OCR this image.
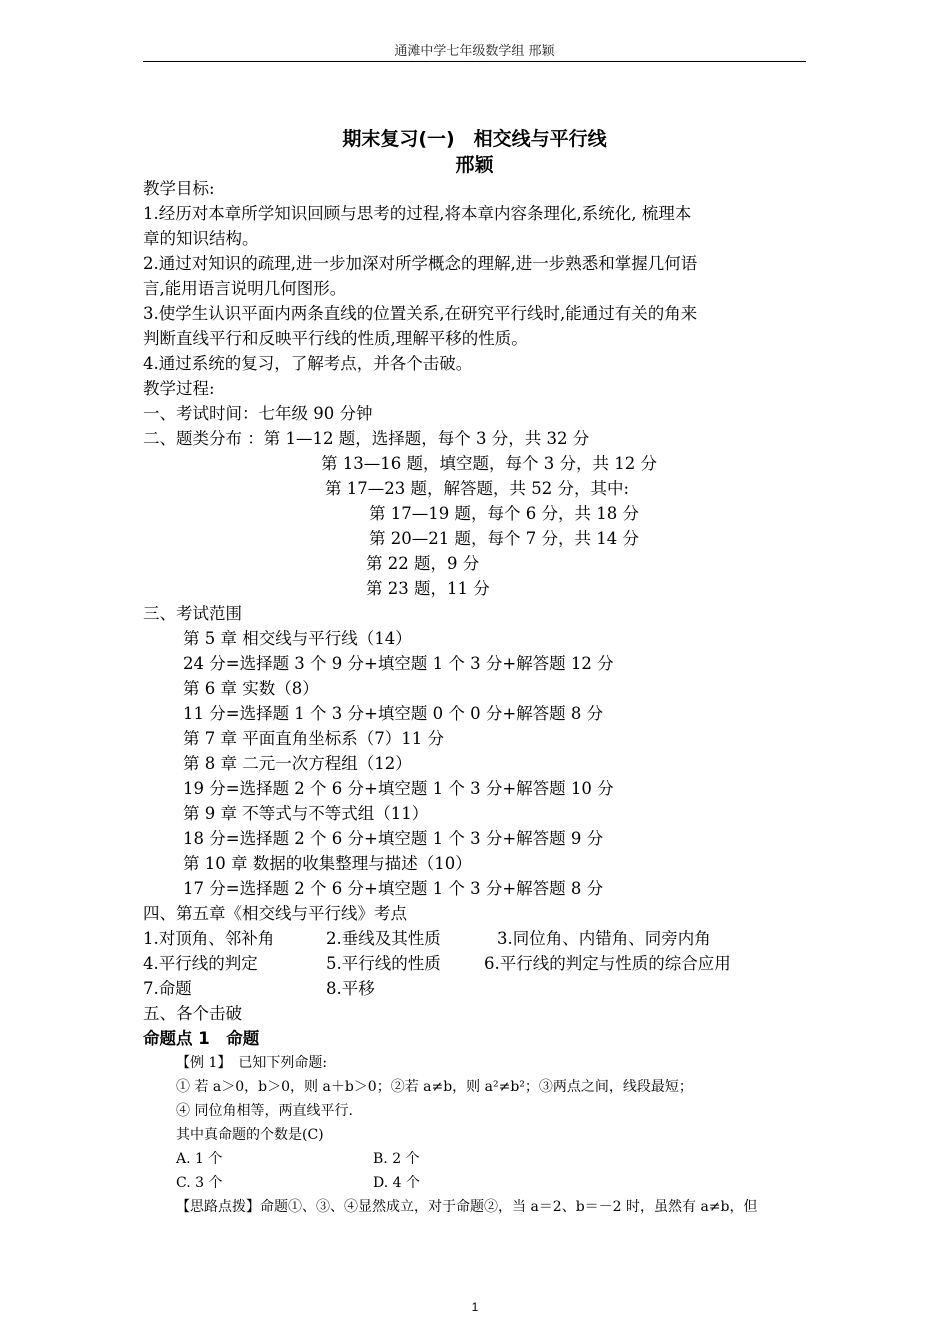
通滩中学七年级数学组 邢颖
期末复习(一)　相交线与平行线
邢颖
教学目标:
1.经历对本章所学知识回顾与思考的过程,将本章内容条理化,系统化, 梳理本
章的知识结构。
2.通过对知识的疏理,进一步加深对所学概念的理解,进一步熟悉和掌握几何语
言,能用语言说明几何图形。
3.使学生认识平面内两条直线的位置关系,在研究平行线时,能通过有关的角来
判断直线平行和反映平行线的性质,理解平移的性质。
4.通过系统的复习，了解考点，并各个击破。
教学过程:
一、考试时间：七年级 90 分钟
二、题类分布 ：第 1—12 题，选择题，每个 3 分，共 32 分
第 13—16 题，填空题，每个 3 分，共 12 分
第 17—23 题，解答题，共 52 分，其中:
第 17—19 题，每个 6 分，共 18 分
第 20—21 题，每个 7 分，共 14 分
第 22 题，9 分
第 23 题，11 分
三、考试范围
第 5 章 相交线与平行线（14）
24 分=选择题 3 个 9 分+填空题 1 个 3 分+解答题 12 分
第 6 章 实数（8）
11 分=选择题 1 个 3 分+填空题 0 个 0 分+解答题 8 分
第 7 章 平面直角坐标系（7）11 分
第 8 章 二元一次方程组（12）
19 分=选择题 2 个 6 分+填空题 1 个 3 分+解答题 10 分
第 9 章 不等式与不等式组（11）
18 分=选择题 2 个 6 分+填空题 1 个 3 分+解答题 9 分
第 10 章 数据的收集整理与描述（10）
17 分=选择题 2 个 6 分+填空题 1 个 3 分+解答题 8 分
四、第五章《相交线与平行线》考点
1.对顶角、邻补角	2.垂线及其性质	3.同位角、内错角、同旁内角
4.平行线的判定	5.平行线的性质	6.平行线的判定与性质的综合应用
7.命题	8.平移
五、各个击破
命题点 1　命题
【例 1】　已知下列命题:
① 若 a＞0，b＞0，则 a＋b＞0；②若 a≠b，则 a²≠b²；③两点之间，线段最短；
④ 同位角相等，两直线平行.
其中真命题的个数是(C)
A. 1 个	B. 2 个
C. 3 个	D. 4 个
【思路点拨】命题①、③、④显然成立，对于命题②，当 a＝2、b＝－2 时，虽然有 a≠b，但
1
